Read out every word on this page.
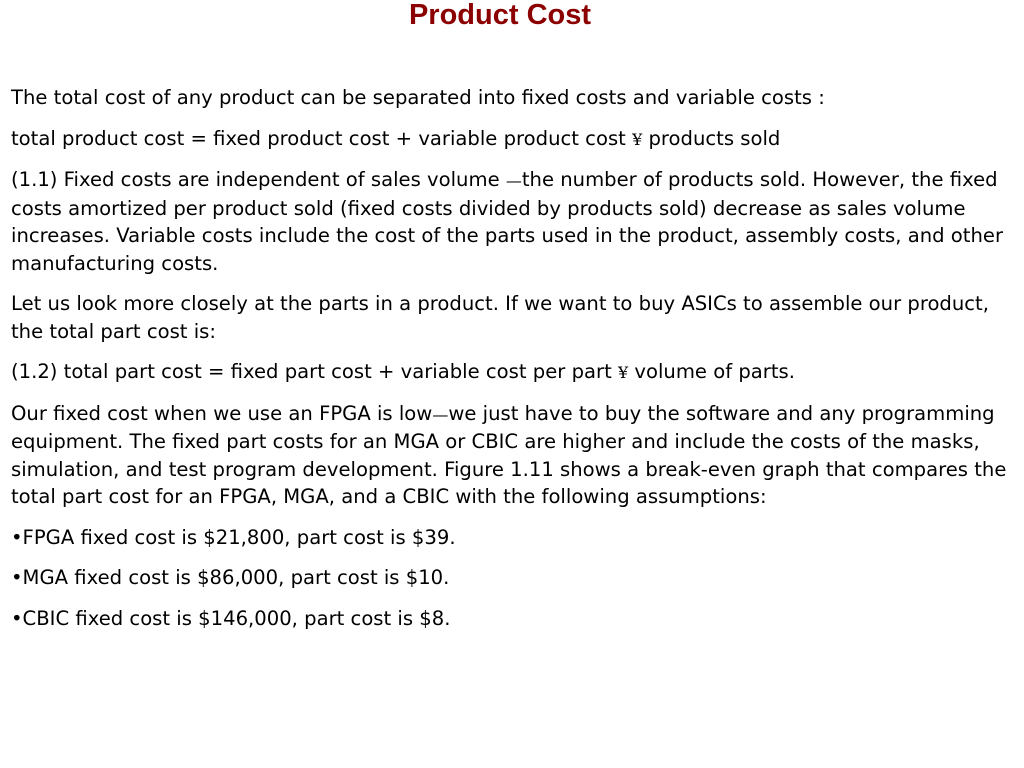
Product Cost

The total cost of any product can be separated into fixed costs and variable costs :

total product cost = fixed product cost + variable product cost ¥ products sold

(1.1) Fixed costs are independent of sales volume —the number of products sold. However, the fixed costs amortized per product sold (fixed costs divided by products sold) decrease as sales volume increases. Variable costs include the cost of the parts used in the product, assembly costs, and other manufacturing costs.

Let us look more closely at the parts in a product. If we want to buy ASICs to assemble our product, the total part cost is:

(1.2) total part cost = fixed part cost + variable cost per part ¥ volume of parts.

Our fixed cost when we use an FPGA is low—we just have to buy the software and any programming equipment. The fixed part costs for an MGA or CBIC are higher and include the costs of the masks, simulation, and test program development. Figure 1.11 shows a break-even graph that compares the total part cost for an FPGA, MGA, and a CBIC with the following assumptions:

•FPGA fixed cost is $21,800, part cost is $39.

•MGA fixed cost is $86,000, part cost is $10.

•CBIC fixed cost is $146,000, part cost is $8.
